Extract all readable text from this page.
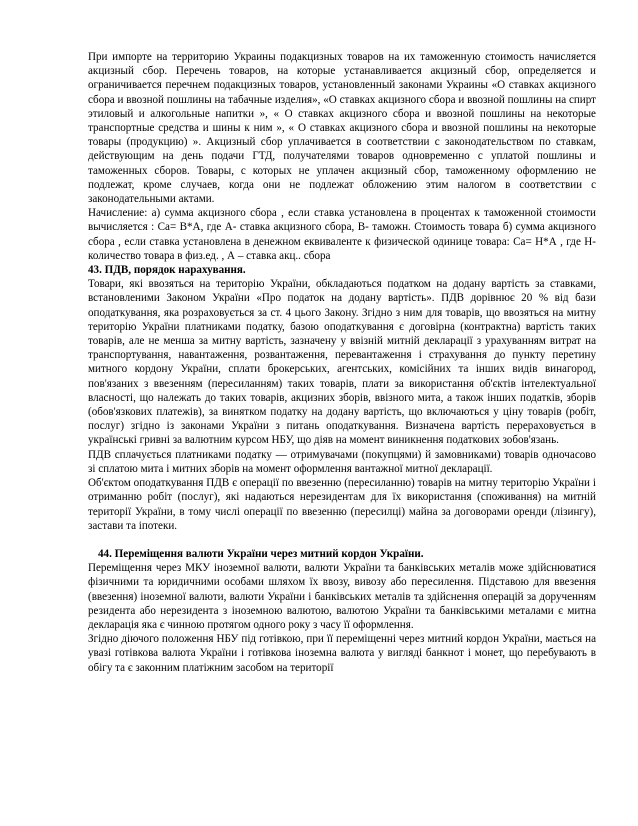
При импорте на территорию Украины подакцизных товаров на их таможенную стоимость начисляется акцизный сбор. Перечень товаров, на которые устанавливается акцизный сбор, определяется и ограничивается перечнем подакцизных товаров, установленный законами Украины «О ставках акцизного сбора и ввозной пошлины на табачные изделия», «О ставках акцизного сбора и ввозной пошлины на спирт этиловый и алкогольные напитки », « О ставках акцизного сбора и ввозной пошлины на некоторые транспортные средства и шины к ним », « О ставках акцизного сбора и ввозной пошлины на некоторые товары (продукцию) ». Акцизный сбор уплачивается в соответствии с законодательством по ставкам, действующим на день подачи ГТД, получателями товаров одновременно с уплатой пошлины и таможенных сборов. Товары, с которых не уплачен акцизный сбор, таможенному оформлению не подлежат, кроме случаев, когда они не подлежат обложению этим налогом в соответствии с законодательными актами.

Начисление: а) сумма акцизного сбора , если ставка установлена в процентах к таможенной стоимости вычисляется : Са= В*А, где А- ставка акцизного сбора, В- таможн. Стоимость товара б) сумма акцизного сбора , если ставка установлена в денежном еквиваленте к физической одинице товара: Са= Н*А , где Н- количество товара в физ.ед. , А – ставка акц.. сбора

43. ПДВ, порядок нарахування.

Товари, які ввозяться на територію України, обкладаються податком на додану вартість за ставками, встановленими Законом України «Про податок на додану вартість». ПДВ дорівнює 20 % від бази оподаткування, яка розраховується за ст. 4 цього Закону. Згідно з ним для товарів, що ввозяться на митну територію України платниками податку, базою оподаткування є договірна (контрактна) вартість таких товарів, але не менша за митну вартість, зазначену у ввізній митній декларації з урахуванням витрат на транспортування, навантаження, розвантаження, перевантаження і страхування до пункту перетину митного кордону України, сплати брокерських, агентських, комісійних та інших видів винагород, пов'язаних з ввезенням (пересиланням) таких товарів, плати за використання об'єктів інтелектуальної власності, що належать до таких товарів, акцизних зборів, ввізного мита, а також інших податків, зборів (обов'язкових платежів), за винятком податку на додану вартість, що включаються у ціну товарів (робіт, послуг) згідно із законами України з питань оподаткування. Визначена вартість перераховується в українські гривні за валютним курсом НБУ, що діяв на момент виникнення податкових зобов'язань.

ПДВ сплачується платниками податку — отримувачами (покупцями) й замовниками) товарів одночасово зі сплатою мита і митних зборів на момент оформлення вантажної митної декларації.

Об'єктом оподаткування ПДВ є операції по ввезенню (пересиланню) товарів на митну територію України і отриманню робіт (послуг), які надаються нерезидентам для їх використання (споживання) на митній території України, в тому числі операції по ввезенню (пересилці) майна за договорами оренди (лізингу), застави та іпотеки.

44. Переміщення валюти України через митний кордон України.

Переміщення через МКУ іноземної валюти, валюти України та банківських металів може здійснюватися фізичними та юридичними особами шляхом їх ввозу, вивозу або пересилення. Підставою для ввезення (ввезення) іноземної валюти, валюти України і банківських металів та здійснення операцій за дорученням резидента або нерезидента з іноземною валютою, валютою України та банківськими металами є митна декларація яка є чинною протягом одного року з часу її оформлення.

Згідно діючого положення НБУ під готівкою, при її переміщенні через митний кордон України, мається на увазі готівкова валюта України і готівкова іноземна валюта у вигляді банкнот і монет, що перебувають в обігу та є законним платіжним засобом на території
